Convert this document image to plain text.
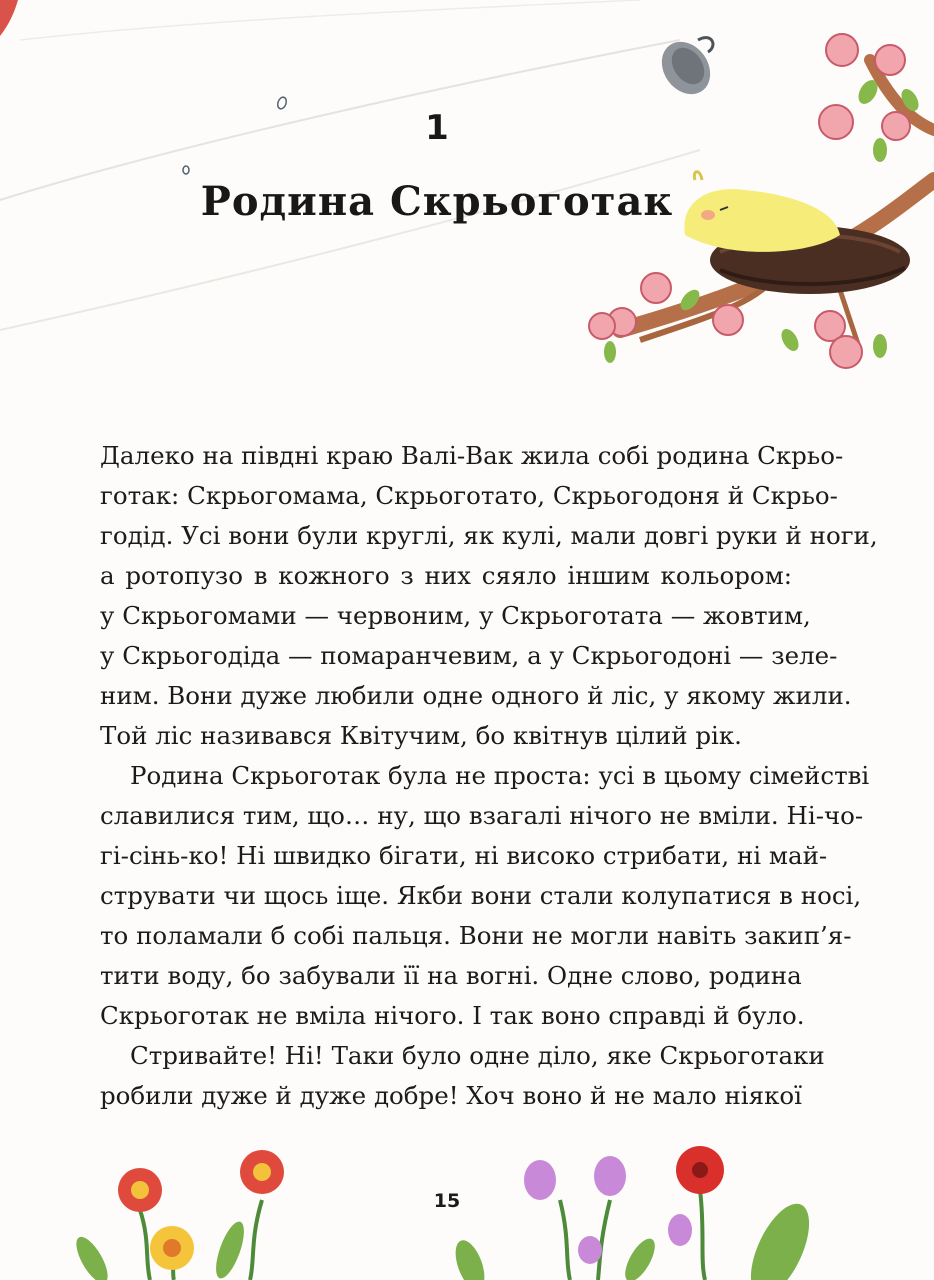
1
Родина Скрьоготак
Далеко на півдні краю Валі-Вак жила собі родина Скрьо-
готак: Скрьогомама, Скрьоготато, Скрьогодоня й Скрьо-
годід. Усі вони були круглі, як кулі, мали довгі руки й ноги,
а ротопузо в кожного з них сяяло іншим кольором:
у Скрьогомами — червоним, у Скрьоготата — жовтим,
у Скрьогодіда — помаранчевим, а у Скрьогодоні — зеле-
ним. Вони дуже любили одне одного й ліс, у якому жили.
Той ліс називався Квітучим, бо квітнув цілий рік.
Родина Скрьоготак була не проста: усі в цьому сімействі
славилися тим, що… ну, що взагалі нічого не вміли. Ні-чо-
гі-сінь-ко! Ні швидко бігати, ні високо стрибати, ні май-
струвати чи щось іще. Якби вони стали колупатися в носі,
то поламали б собі пальця. Вони не могли навіть закип’я-
тити воду, бо забували її на вогні. Одне слово, родина
Скрьоготак не вміла нічого. І так воно справді й було.
Стривайте! Ні! Таки було одне діло, яке Скрьоготаки
робили дуже й дуже добре! Хоч воно й не мало ніякої
15
